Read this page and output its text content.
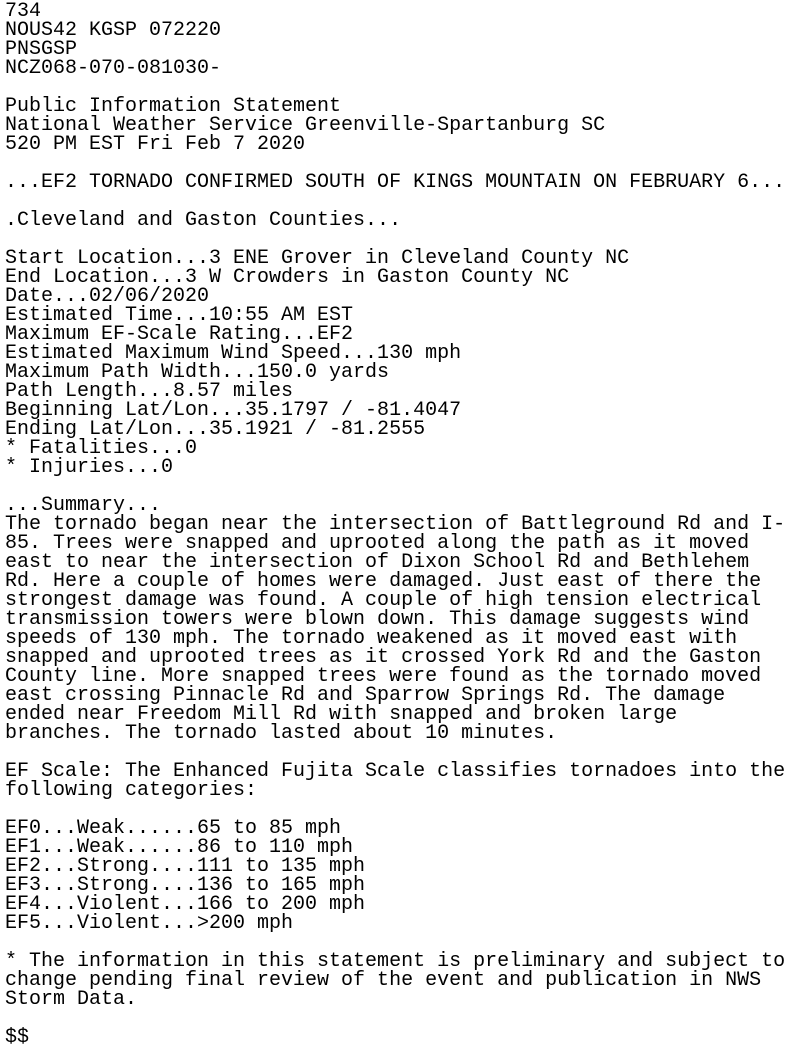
734
NOUS42 KGSP 072220
PNSGSP
NCZ068-070-081030-
Public Information Statement
National Weather Service Greenville-Spartanburg SC
520 PM EST Fri Feb 7 2020
...EF2 TORNADO CONFIRMED SOUTH OF KINGS MOUNTAIN ON FEBRUARY 6...
.Cleveland and Gaston Counties...
Start Location...3 ENE Grover in Cleveland County NC
End Location...3 W Crowders in Gaston County NC
Date...02/06/2020
Estimated Time...10:55 AM EST
Maximum EF-Scale Rating...EF2
Estimated Maximum Wind Speed...130 mph
Maximum Path Width...150.0 yards
Path Length...8.57 miles
Beginning Lat/Lon...35.1797 / -81.4047
Ending Lat/Lon...35.1921 / -81.2555
* Fatalities...0
* Injuries...0
...Summary...
The tornado began near the intersection of Battleground Rd and I-
85. Trees were snapped and uprooted along the path as it moved
east to near the intersection of Dixon School Rd and Bethlehem
Rd. Here a couple of homes were damaged. Just east of there the
strongest damage was found. A couple of high tension electrical
transmission towers were blown down. This damage suggests wind
speeds of 130 mph. The tornado weakened as it moved east with
snapped and uprooted trees as it crossed York Rd and the Gaston
County line. More snapped trees were found as the tornado moved
east crossing Pinnacle Rd and Sparrow Springs Rd. The damage
ended near Freedom Mill Rd with snapped and broken large
branches. The tornado lasted about 10 minutes.
EF Scale: The Enhanced Fujita Scale classifies tornadoes into the
following categories:
EF0...Weak......65 to 85 mph
EF1...Weak......86 to 110 mph
EF2...Strong....111 to 135 mph
EF3...Strong....136 to 165 mph
EF4...Violent...166 to 200 mph
EF5...Violent...>200 mph
* The information in this statement is preliminary and subject to
change pending final review of the event and publication in NWS
Storm Data.
$$
